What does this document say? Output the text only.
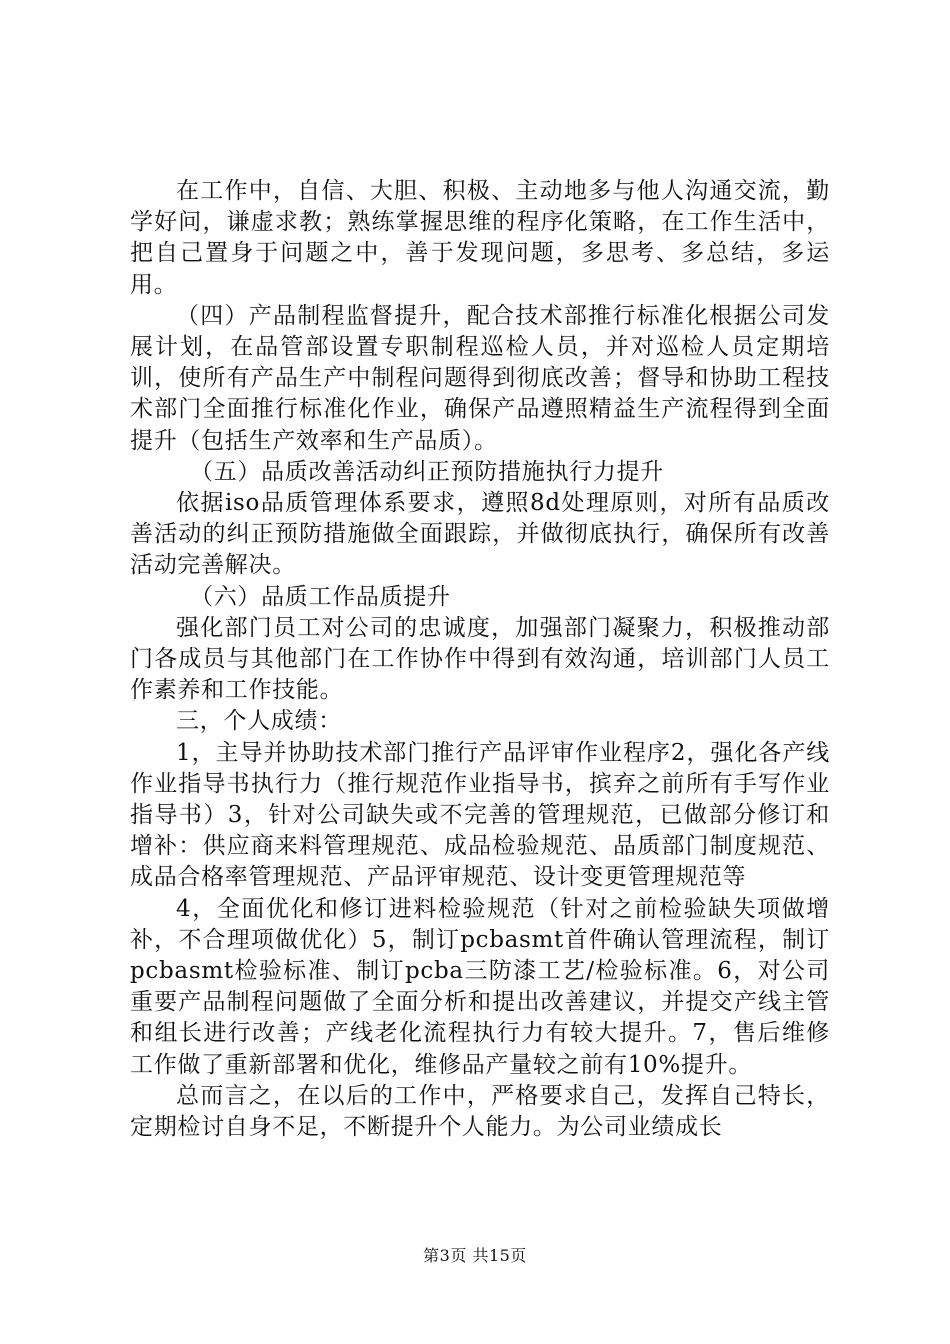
在工作中，自信、大胆、积极、主动地多与他人沟通交流，勤学好问，谦虚求教；熟练掌握思维的程序化策略，在工作生活中，把自己置身于问题之中，善于发现问题，多思考、多总结，多运用。

（四）产品制程监督提升，配合技术部推行标准化根据公司发展计划，在品管部设置专职制程巡检人员，并对巡检人员定期培训，使所有产品生产中制程问题得到彻底改善；督导和协助工程技术部门全面推行标准化作业，确保产品遵照精益生产流程得到全面提升（包括生产效率和生产品质）。

（五）品质改善活动纠正预防措施执行力提升

依据iso品质管理体系要求，遵照8d处理原则，对所有品质改善活动的纠正预防措施做全面跟踪，并做彻底执行，确保所有改善活动完善解决。

（六）品质工作品质提升

强化部门员工对公司的忠诚度，加强部门凝聚力，积极推动部门各成员与其他部门在工作协作中得到有效沟通，培训部门人员工作素养和工作技能。

三，个人成绩：

1，主导并协助技术部门推行产品评审作业程序2，强化各产线作业指导书执行力（推行规范作业指导书，摈弃之前所有手写作业指导书）3，针对公司缺失或不完善的管理规范，已做部分修订和增补：供应商来料管理规范、成品检验规范、品质部门制度规范、成品合格率管理规范、产品评审规范、设计变更管理规范等

4，全面优化和修订进料检验规范（针对之前检验缺失项做增补，不合理项做优化）5，制订pcbasmt首件确认管理流程，制订pcbasmt检验标准、制订pcba三防漆工艺/检验标准。6，对公司重要产品制程问题做了全面分析和提出改善建议，并提交产线主管和组长进行改善；产线老化流程执行力有较大提升。7，售后维修工作做了重新部署和优化，维修品产量较之前有10%提升。

总而言之，在以后的工作中，严格要求自己，发挥自己特长，定期检讨自身不足，不断提升个人能力。为公司业绩成长

第3页 共15页
